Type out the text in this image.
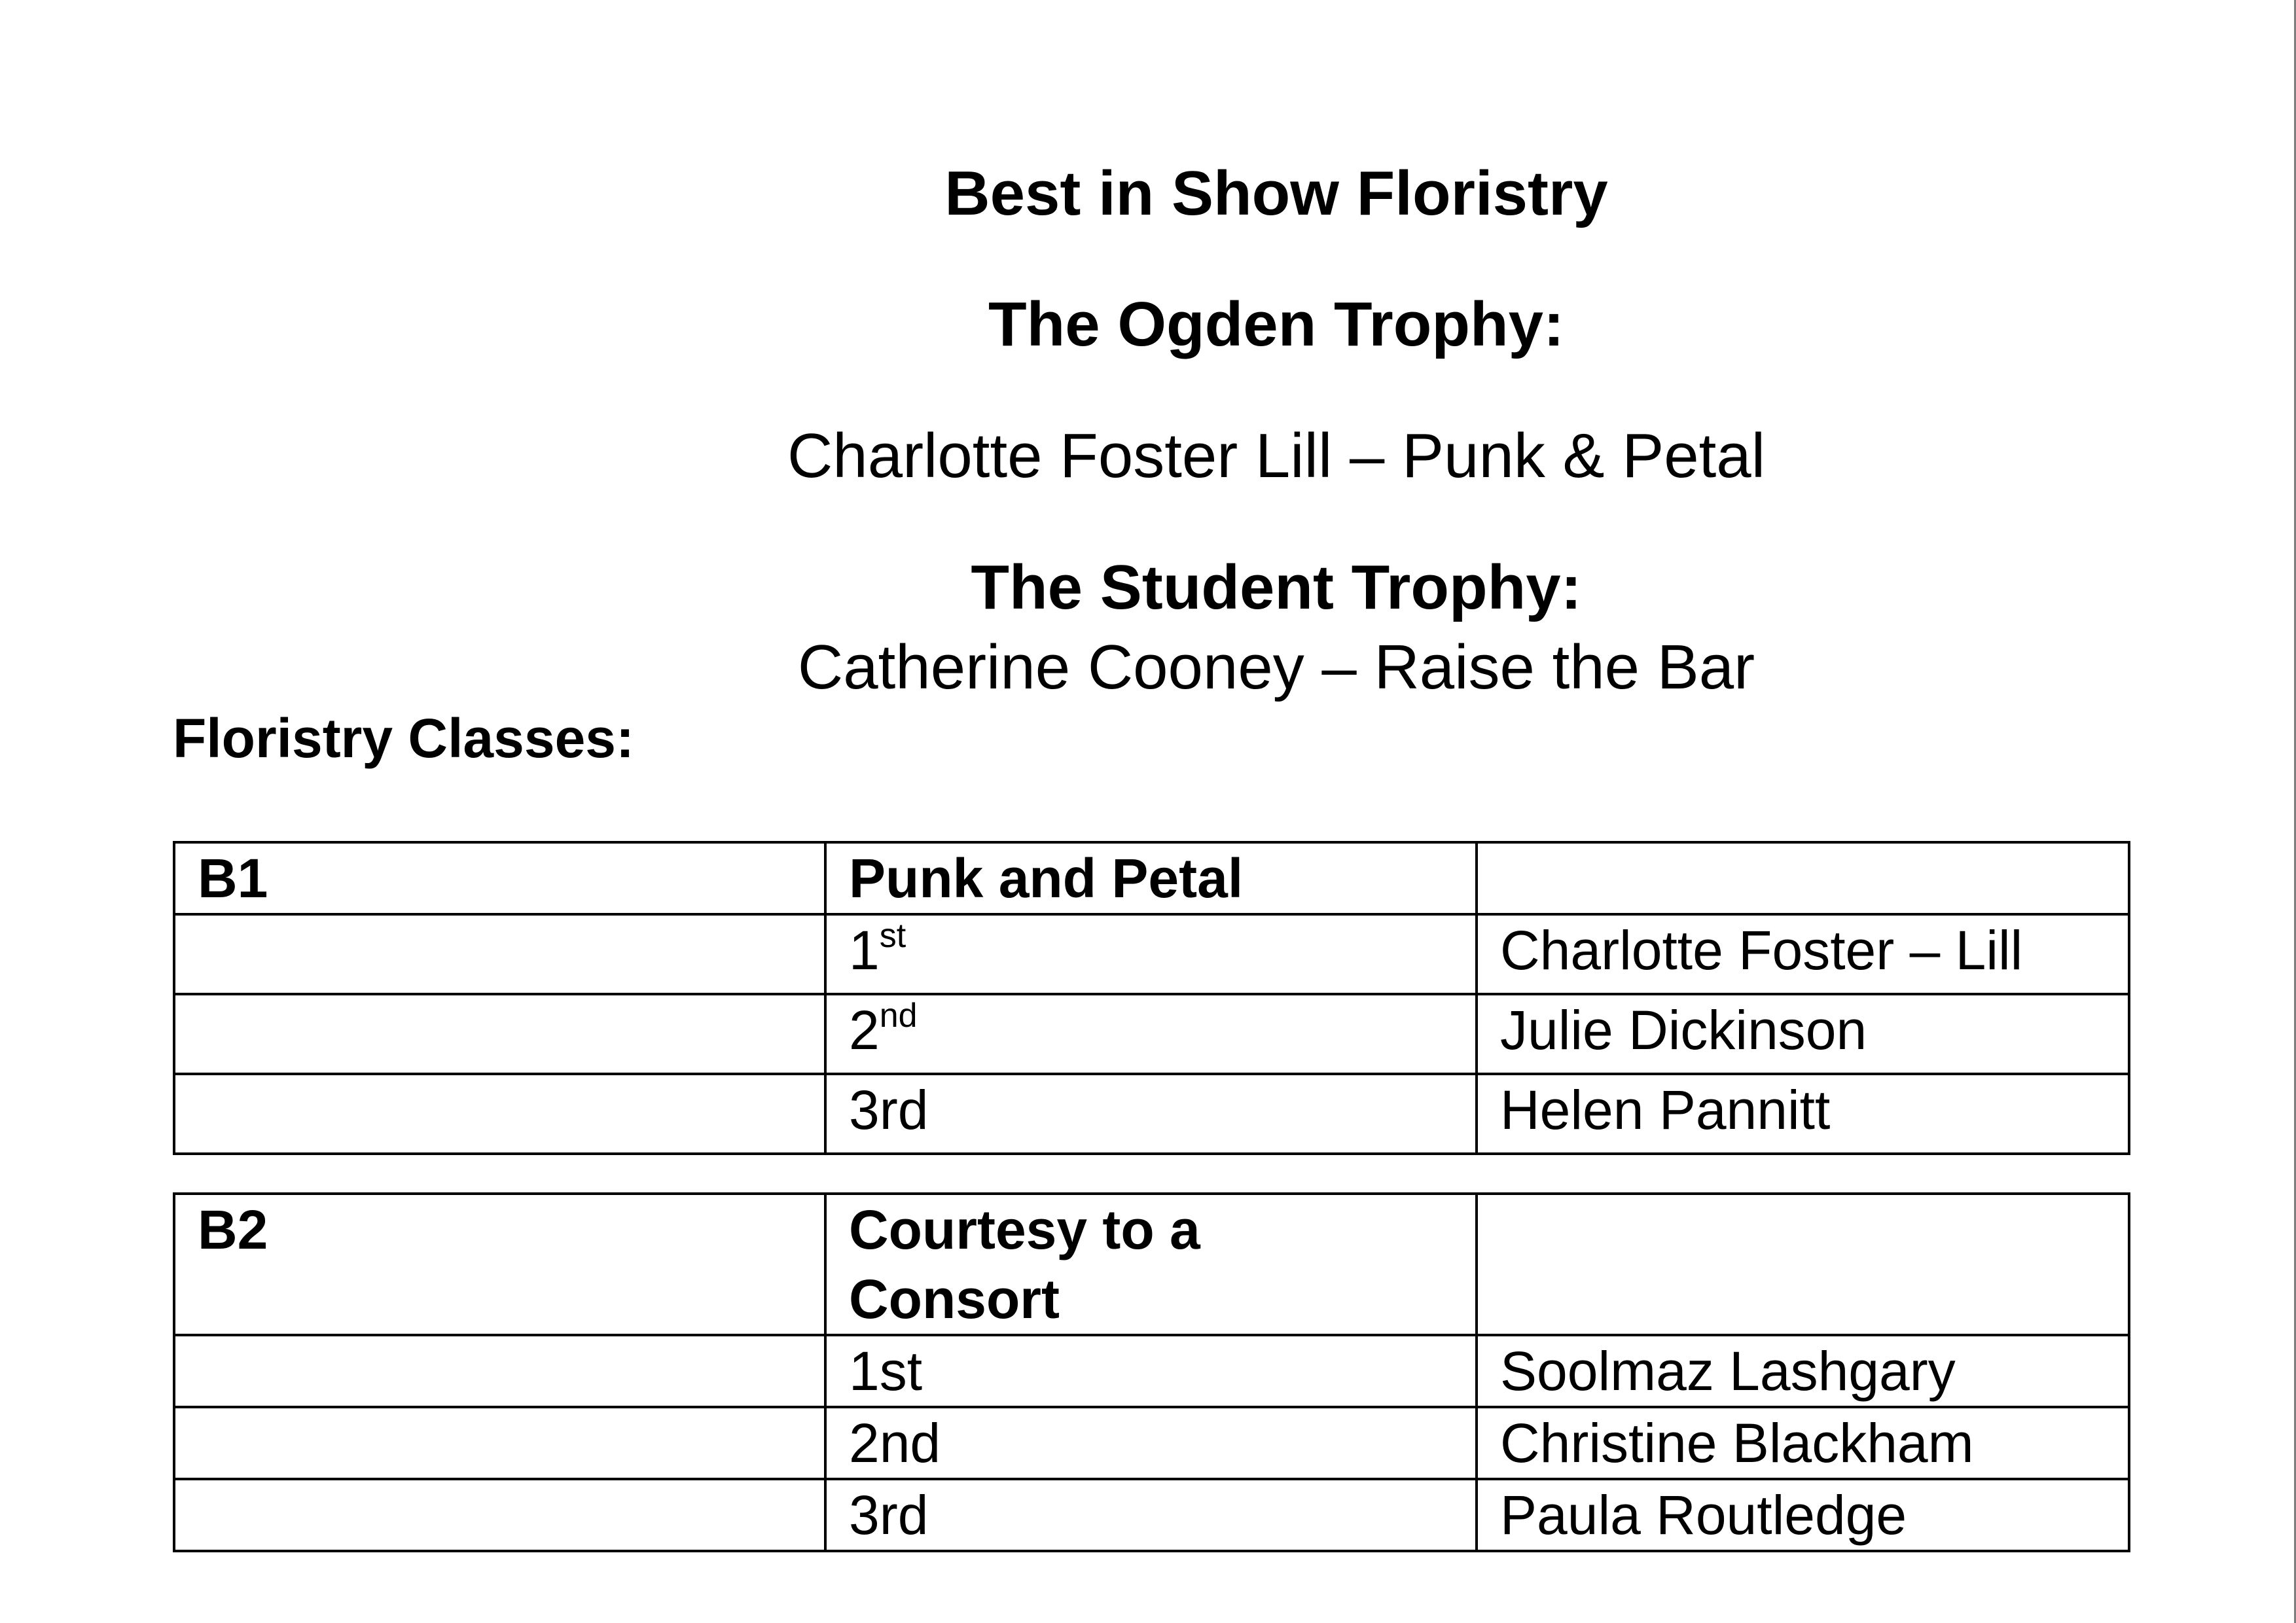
Best in Show Floristry
The Ogden Trophy:
Charlotte Foster Lill – Punk & Petal
The Student Trophy:
Catherine Cooney – Raise the Bar
Floristry Classes:
B1	Punk and Petal	
	1st	Charlotte Foster – Lill
	2nd	Julie Dickinson
	3rd	Helen Pannitt
B2	Courtesy to a
Consort	

	1st	Soolmaz Lashgary
	2nd	Christine Blackham
	3rd	Paula Routledge
